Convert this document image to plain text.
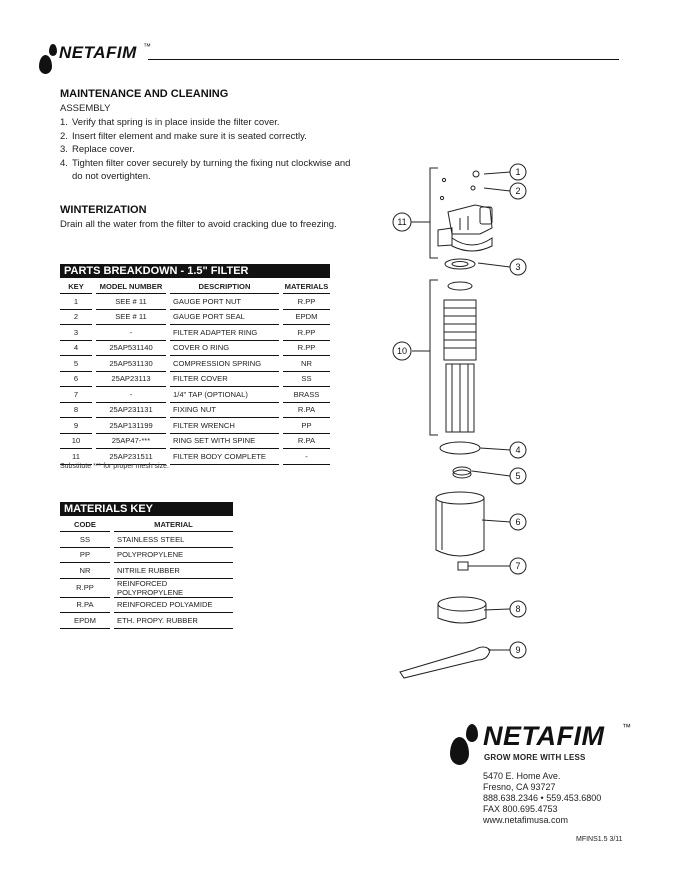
NETAFIM ™
MAINTENANCE AND CLEANING

ASSEMBLY

1. Verify that spring is in place inside the filter cover.
2. Insert filter element and make sure it is seated correctly.
3. Replace cover.
4. Tighten filter cover securely by turning the fixing nut clockwise and do not overtighten.
WINTERIZATION

Drain all the water from the filter to avoid cracking due to freezing.

PARTS BREAKDOWN - 1.5" FILTER
KEY	MODEL NUMBER	DESCRIPTION	MATERIALS
1	SEE # 11	GAUGE PORT NUT	R.PP
2	SEE # 11	GAUGE PORT SEAL	EPDM
3	-	FILTER ADAPTER RING	R.PP
4	25AP531140	COVER O RING	R.PP
5	25AP531130	COMPRESSION SPRING	NR
6	25AP23113	FILTER COVER	SS
7	-	1/4" TAP (OPTIONAL)	BRASS
8	25AP231131	FIXING NUT	R.PA
9	25AP131199	FILTER WRENCH	PP
10	25AP47-***	RING SET WITH SPINE	R.PA
11	25AP231511	FILTER BODY COMPLETE	-
Substitute *** for proper mesh size.
MATERIALS KEY
CODE	MATERIAL
SS	STAINLESS STEEL
PP	POLYPROPYLENE
NR	NITRILE RUBBER
R.PP	REINFORCED POLYPROPYLENE
R.PA	REINFORCED POLYAMIDE
EPDM	ETH. PROPY. RUBBER
1
2
3
4
5
6
7
8
9
10
11
NETAFIM ™
GROW MORE WITH LESS
5470 E. Home Ave.
Fresno, CA 93727
888.638.2346 • 559.453.6800
FAX 800.695.4753
www.netafimusa.com
MFINS1.5 3/11
